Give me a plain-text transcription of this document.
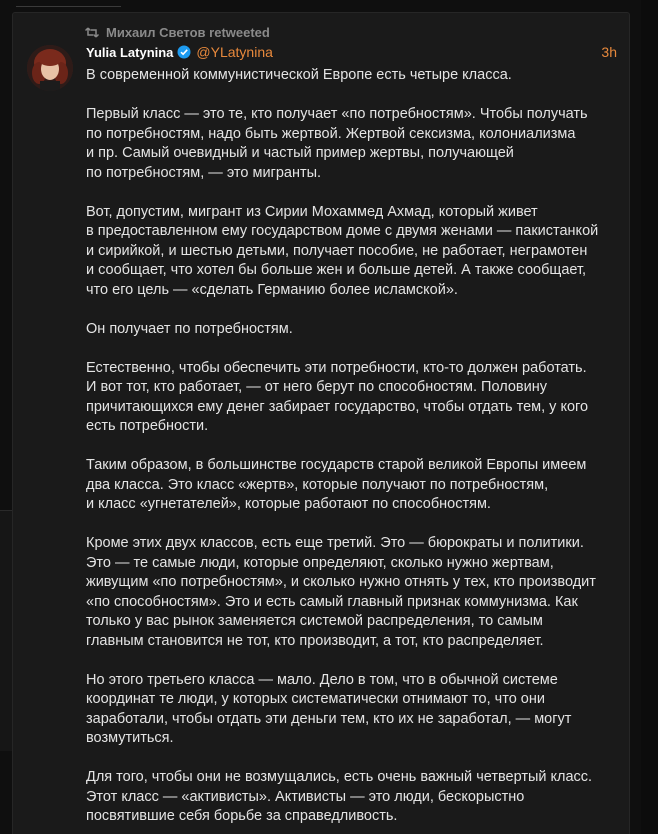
Михаил Светов retweeted
Yulia Latynina @YLatynina	3h
В современной коммунистической Европе есть четыре класса.
Первый класс — это те, кто получает «по потребностям». Чтобы получать
по потребностям, надо быть жертвой. Жертвой сексизма, колониализма
и пр. Самый очевидный и частый пример жертвы, получающей
по потребностям, — это мигранты.
Вот, допустим, мигрант из Сирии Мохаммед Ахмад, который живет
в предоставленном ему государством доме с двумя женами — пакистанкой
и сирийкой, и шестью детьми, получает пособие, не работает, неграмотен
и сообщает, что хотел бы больше жен и больше детей. А также сообщает,
что его цель — «сделать Германию более исламской».
Он получает по потребностям.
Естественно, чтобы обеспечить эти потребности, кто-то должен работать.
И вот тот, кто работает, — от него берут по способностям. Половину
причитающихся ему денег забирает государство, чтобы отдать тем, у кого
есть потребности.
Таким образом, в большинстве государств старой великой Европы имеем
два класса. Это класс «жертв», которые получают по потребностям,
и класс «угнетателей», которые работают по способностям.
Кроме этих двух классов, есть еще третий. Это — бюрократы и политики.
Это — те самые люди, которые определяют, сколько нужно жертвам,
живущим «по потребностям», и сколько нужно отнять у тех, кто производит
«по способностям». Это и есть самый главный признак коммунизма. Как
только у вас рынок заменяется системой распределения, то самым
главным становится не тот, кто производит, а тот, кто распределяет.
Но этого третьего класса — мало. Дело в том, что в обычной системе
координат те люди, у которых систематически отнимают то, что они
заработали, чтобы отдать эти деньги тем, кто их не заработал, — могут
возмутиться.
Для того, чтобы они не возмущались, есть очень важный четвертый класс.
Этот класс — «активисты». Активисты — это люди, бескорыстно
посвятившие себя борьбе за справедливость.
